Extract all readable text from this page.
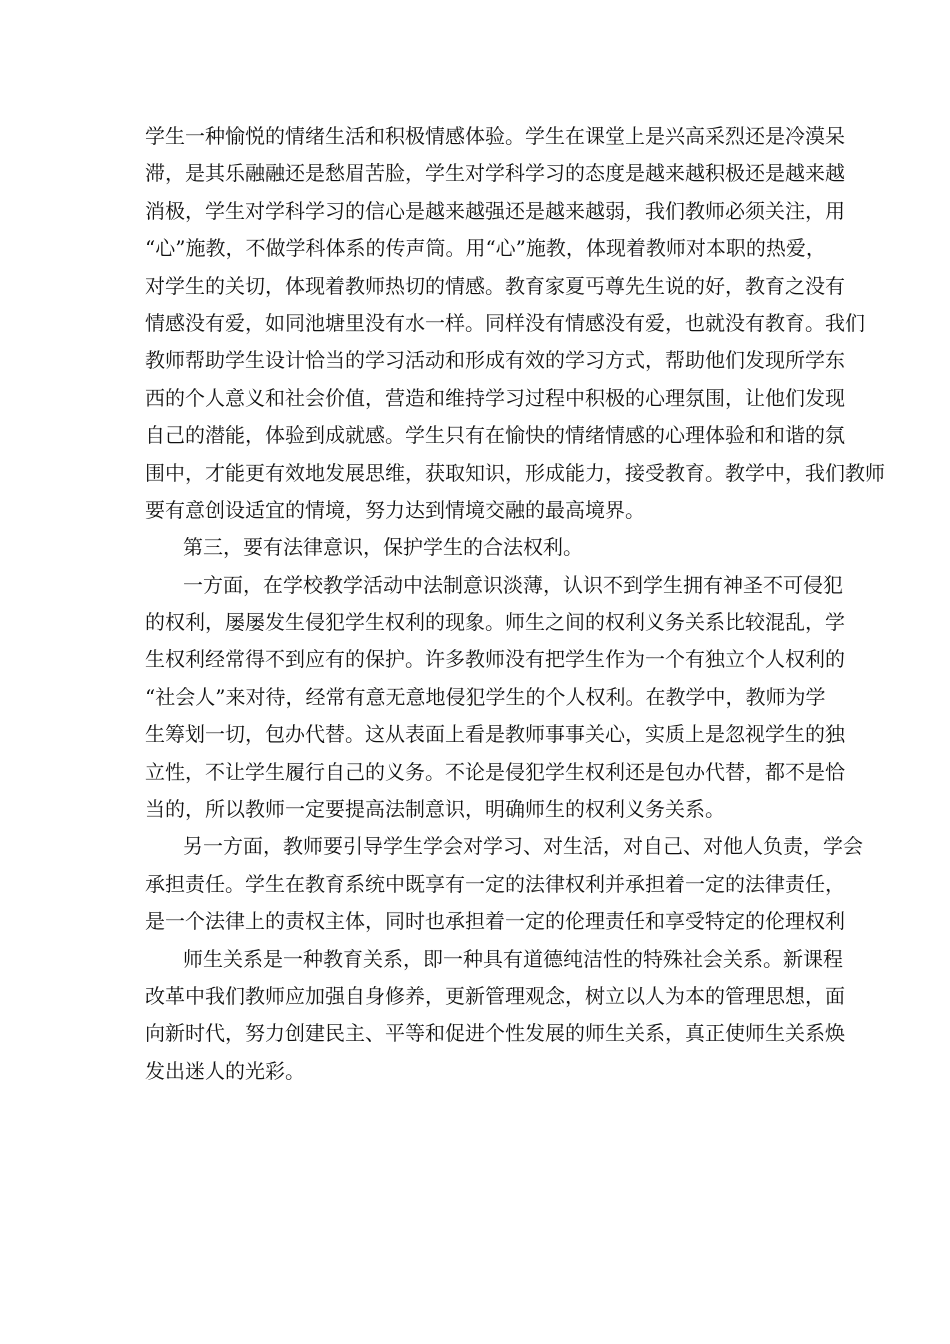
学生一种愉悦的情绪生活和积极情感体验。学生在课堂上是兴高采烈还是冷漠呆
滞，是其乐融融还是愁眉苦脸，学生对学科学习的态度是越来越积极还是越来越
消极，学生对学科学习的信心是越来越强还是越来越弱，我们教师必须关注，用
“心”施教，不做学科体系的传声筒。用“心”施教，体现着教师对本职的热爱，
对学生的关切，体现着教师热切的情感。教育家夏丐尊先生说的好，教育之没有
情感没有爱，如同池塘里没有水一样。同样没有情感没有爱，也就没有教育。我们
教师帮助学生设计恰当的学习活动和形成有效的学习方式，帮助他们发现所学东
西的个人意义和社会价值，营造和维持学习过程中积极的心理氛围，让他们发现
自己的潜能，体验到成就感。学生只有在愉快的情绪情感的心理体验和和谐的氛
围中，才能更有效地发展思维，获取知识，形成能力，接受教育。教学中，我们教师
要有意创设适宜的情境，努力达到情境交融的最高境界。
第三，要有法律意识，保护学生的合法权利。
一方面，在学校教学活动中法制意识淡薄，认识不到学生拥有神圣不可侵犯
的权利，屡屡发生侵犯学生权利的现象。师生之间的权利义务关系比较混乱，学
生权利经常得不到应有的保护。许多教师没有把学生作为一个有独立个人权利的
“社会人”来对待，经常有意无意地侵犯学生的个人权利。在教学中，教师为学
生筹划一切，包办代替。这从表面上看是教师事事关心，实质上是忽视学生的独
立性，不让学生履行自己的义务。不论是侵犯学生权利还是包办代替，都不是恰
当的，所以教师一定要提高法制意识，明确师生的权利义务关系。
另一方面，教师要引导学生学会对学习、对生活，对自己、对他人负责，学会
承担责任。学生在教育系统中既享有一定的法律权利并承担着一定的法律责任，
是一个法律上的责权主体，同时也承担着一定的伦理责任和享受特定的伦理权利
师生关系是一种教育关系，即一种具有道德纯洁性的特殊社会关系。新课程
改革中我们教师应加强自身修养，更新管理观念，树立以人为本的管理思想，面
向新时代，努力创建民主、平等和促进个性发展的师生关系，真正使师生关系焕
发出迷人的光彩。
